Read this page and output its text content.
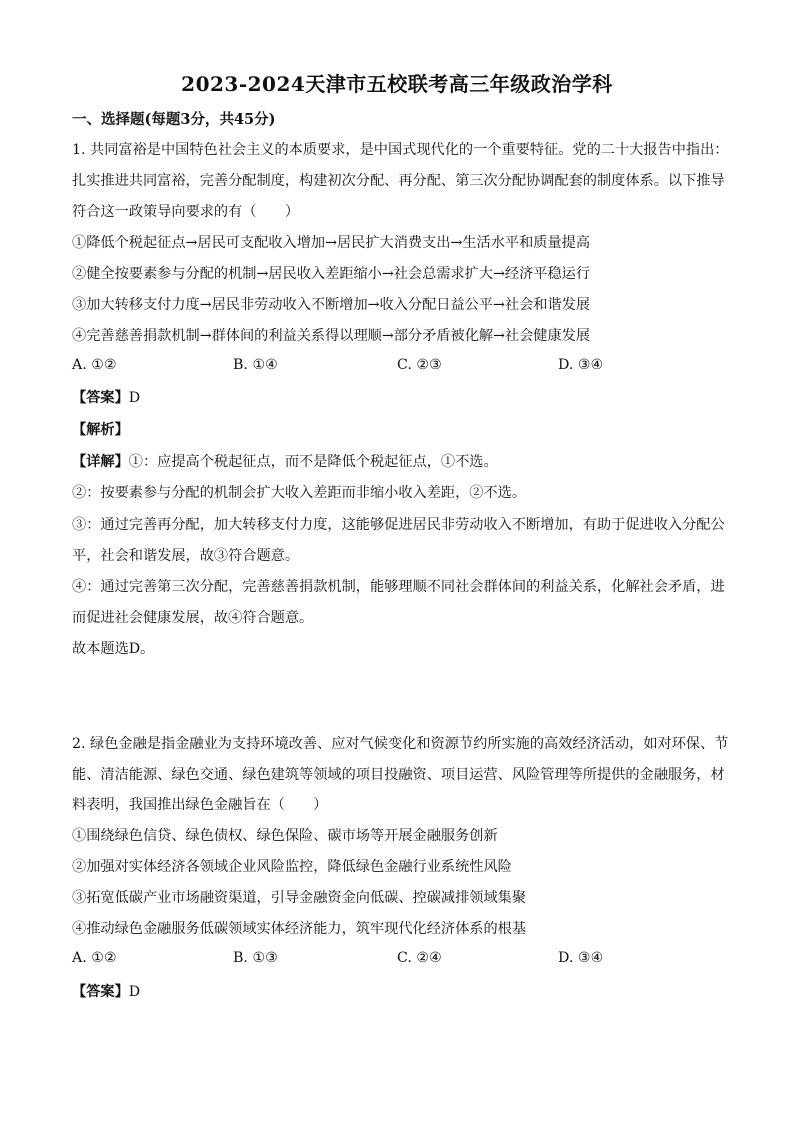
2023-2024天津市五校联考高三年级政治学科
一、选择题(每题3分，共45分)
1. 共同富裕是中国特色社会主义的本质要求，是中国式现代化的一个重要特征。党的二十大报告中指出：
扎实推进共同富裕，完善分配制度，构建初次分配、再分配、第三次分配协调配套的制度体系。以下推导
符合这一政策导向要求的有（　　）
①降低个税起征点→居民可支配收入增加→居民扩大消费支出→生活水平和质量提高
②健全按要素参与分配的机制→居民收入差距缩小→社会总需求扩大→经济平稳运行
③加大转移支付力度→居民非劳动收入不断增加→收入分配日益公平→社会和谐发展
④完善慈善捐款机制→群体间的利益关系得以理顺→部分矛盾被化解→社会健康发展
A. ①②	B. ①④	C. ②③	D. ③④
【答案】D
【解析】
【详解】①：应提高个税起征点，而不是降低个税起征点，①不选。
②：按要素参与分配的机制会扩大收入差距而非缩小收入差距，②不选。
③：通过完善再分配，加大转移支付力度，这能够促进居民非劳动收入不断增加，有助于促进收入分配公
平，社会和谐发展，故③符合题意。
④：通过完善第三次分配，完善慈善捐款机制，能够理顺不同社会群体间的利益关系，化解社会矛盾，进
而促进社会健康发展，故④符合题意。
故本题选D。
2. 绿色金融是指金融业为支持环境改善、应对气候变化和资源节约所实施的高效经济活动，如对环保、节
能、清洁能源、绿色交通、绿色建筑等领域的项目投融资、项目运营、风险管理等所提供的金融服务，材
料表明，我国推出绿色金融旨在（　　）
①围绕绿色信贷、绿色债权、绿色保险、碳市场等开展金融服务创新
②加强对实体经济各领域企业风险监控，降低绿色金融行业系统性风险
③拓宽低碳产业市场融资渠道，引导金融资金向低碳、控碳减排领域集聚
④推动绿色金融服务低碳领域实体经济能力，筑牢现代化经济体系的根基
A. ①②	B. ①③	C. ②④	D. ③④
【答案】D
